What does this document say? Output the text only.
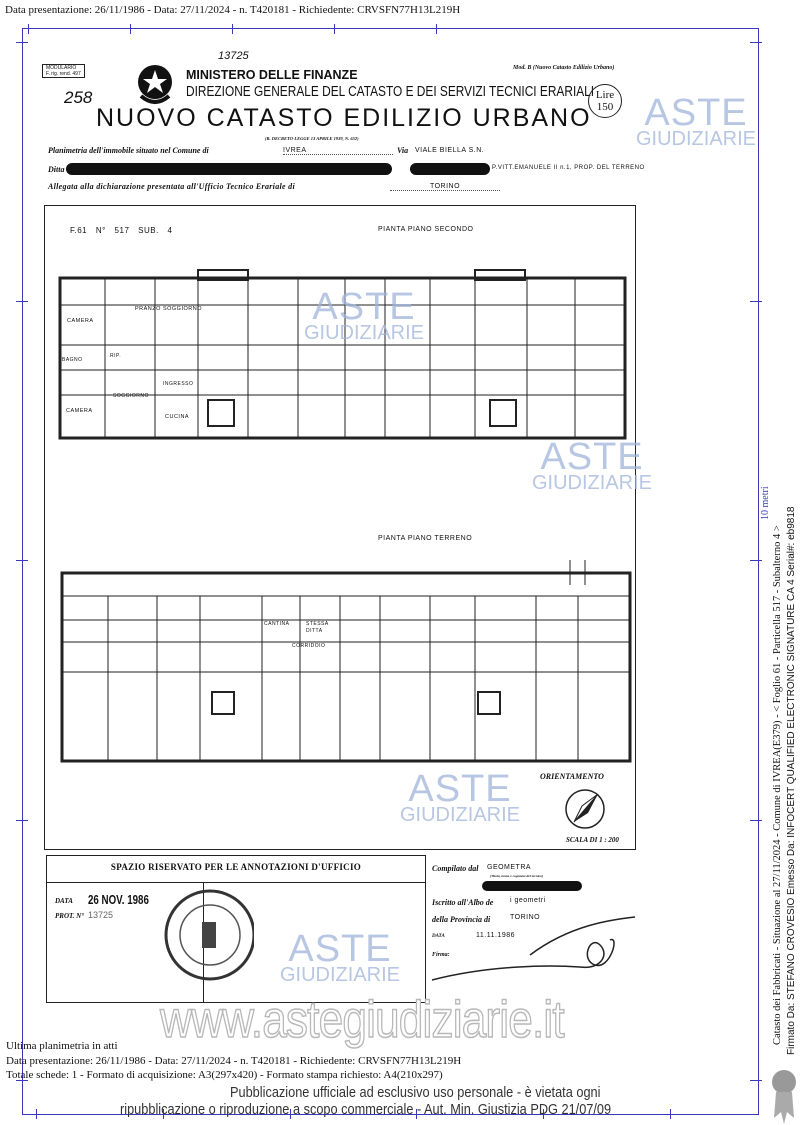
Data presentazione: 26/11/1986 - Data: 27/11/2024 - n. T420181 - Richiedente: CRVSFN77H13L219H
MODULARIO
F. rig. rend. 497
13725
258
MINISTERO DELLE FINANZE
DIREZIONE GENERALE DEL CATASTO E DEI SERVIZI TECNICI ERARIALI
NUOVO CATASTO EDILIZIO URBANO
(R. DECRETO-LEGGE 13 APRILE 1939, N. 652)
Mod. B (Nuovo Catasto Edilizio Urbano)
Lire
150
Planimetria dell'immobile situato nel Comune di	IVREA	Via VIALE BIELLA S.N.
Ditta	P.VITT.EMANUELE II n.1, PROP. DEL TERRENO
Allegata alla dichiarazione presentata all'Ufficio Tecnico Erariale di	TORINO
F.61 N° 517 SUB. 4	PIANTA PIANO SECONDO
PIANTA PIANO TERRENO
CAMERA
PRANZO SOGGIORNO
BAGNO
RIP.
SOGGIORNO
INGRESSO
CAMERA
CUCINA
CANTINA	STESSA DITTA
CORRIDOIO
ORIENTAMENTO
SCALA DI 1 : 200
SPAZIO RISERVATO PER LE ANNOTAZIONI D'UFFICIO
DATA 26 NOV. 1986
PROT. N° 13725
Compilato dal GEOMETRA
(Titolo, nome e cognome del tecnico)
Iscritto all'Albo de i geometri
della Provincia di	TORINO
DATA	11.11.1986
Firma:
ASTE
GIUDIZIARIE
ASTE
GIUDIZIARIE
ASTE
GIUDIZIARIE
ASTE
GIUDIZIARIE
ASTE
GIUDIZIARIE
www.astegiudiziarie.it
Ultima planimetria in atti
Data presentazione: 26/11/1986 - Data: 27/11/2024 - n. T420181 - Richiedente: CRVSFN77H13L219H
Totale schede: 1 - Formato di acquisizione: A3(297x420) - Formato stampa richiesto: A4(210x297)
Pubblicazione ufficiale ad esclusivo uso personale - è vietata ogni
ripubblicazione o riproduzione a scopo commerciale - Aut. Min. Giustizia PDG 21/07/09
10 metri
Catasto dei Fabbricati - Situazione al 27/11/2024 - Comune di IVREA(E379) - < Foglio 61 - Particella 517 - Subalterno 4 > Firmato Da: STEFANO CROVESIO Emesso Da: INFOCERT QUALIFIED ELECTRONIC SIGNATURE CA 4 Serial#: eb9818
